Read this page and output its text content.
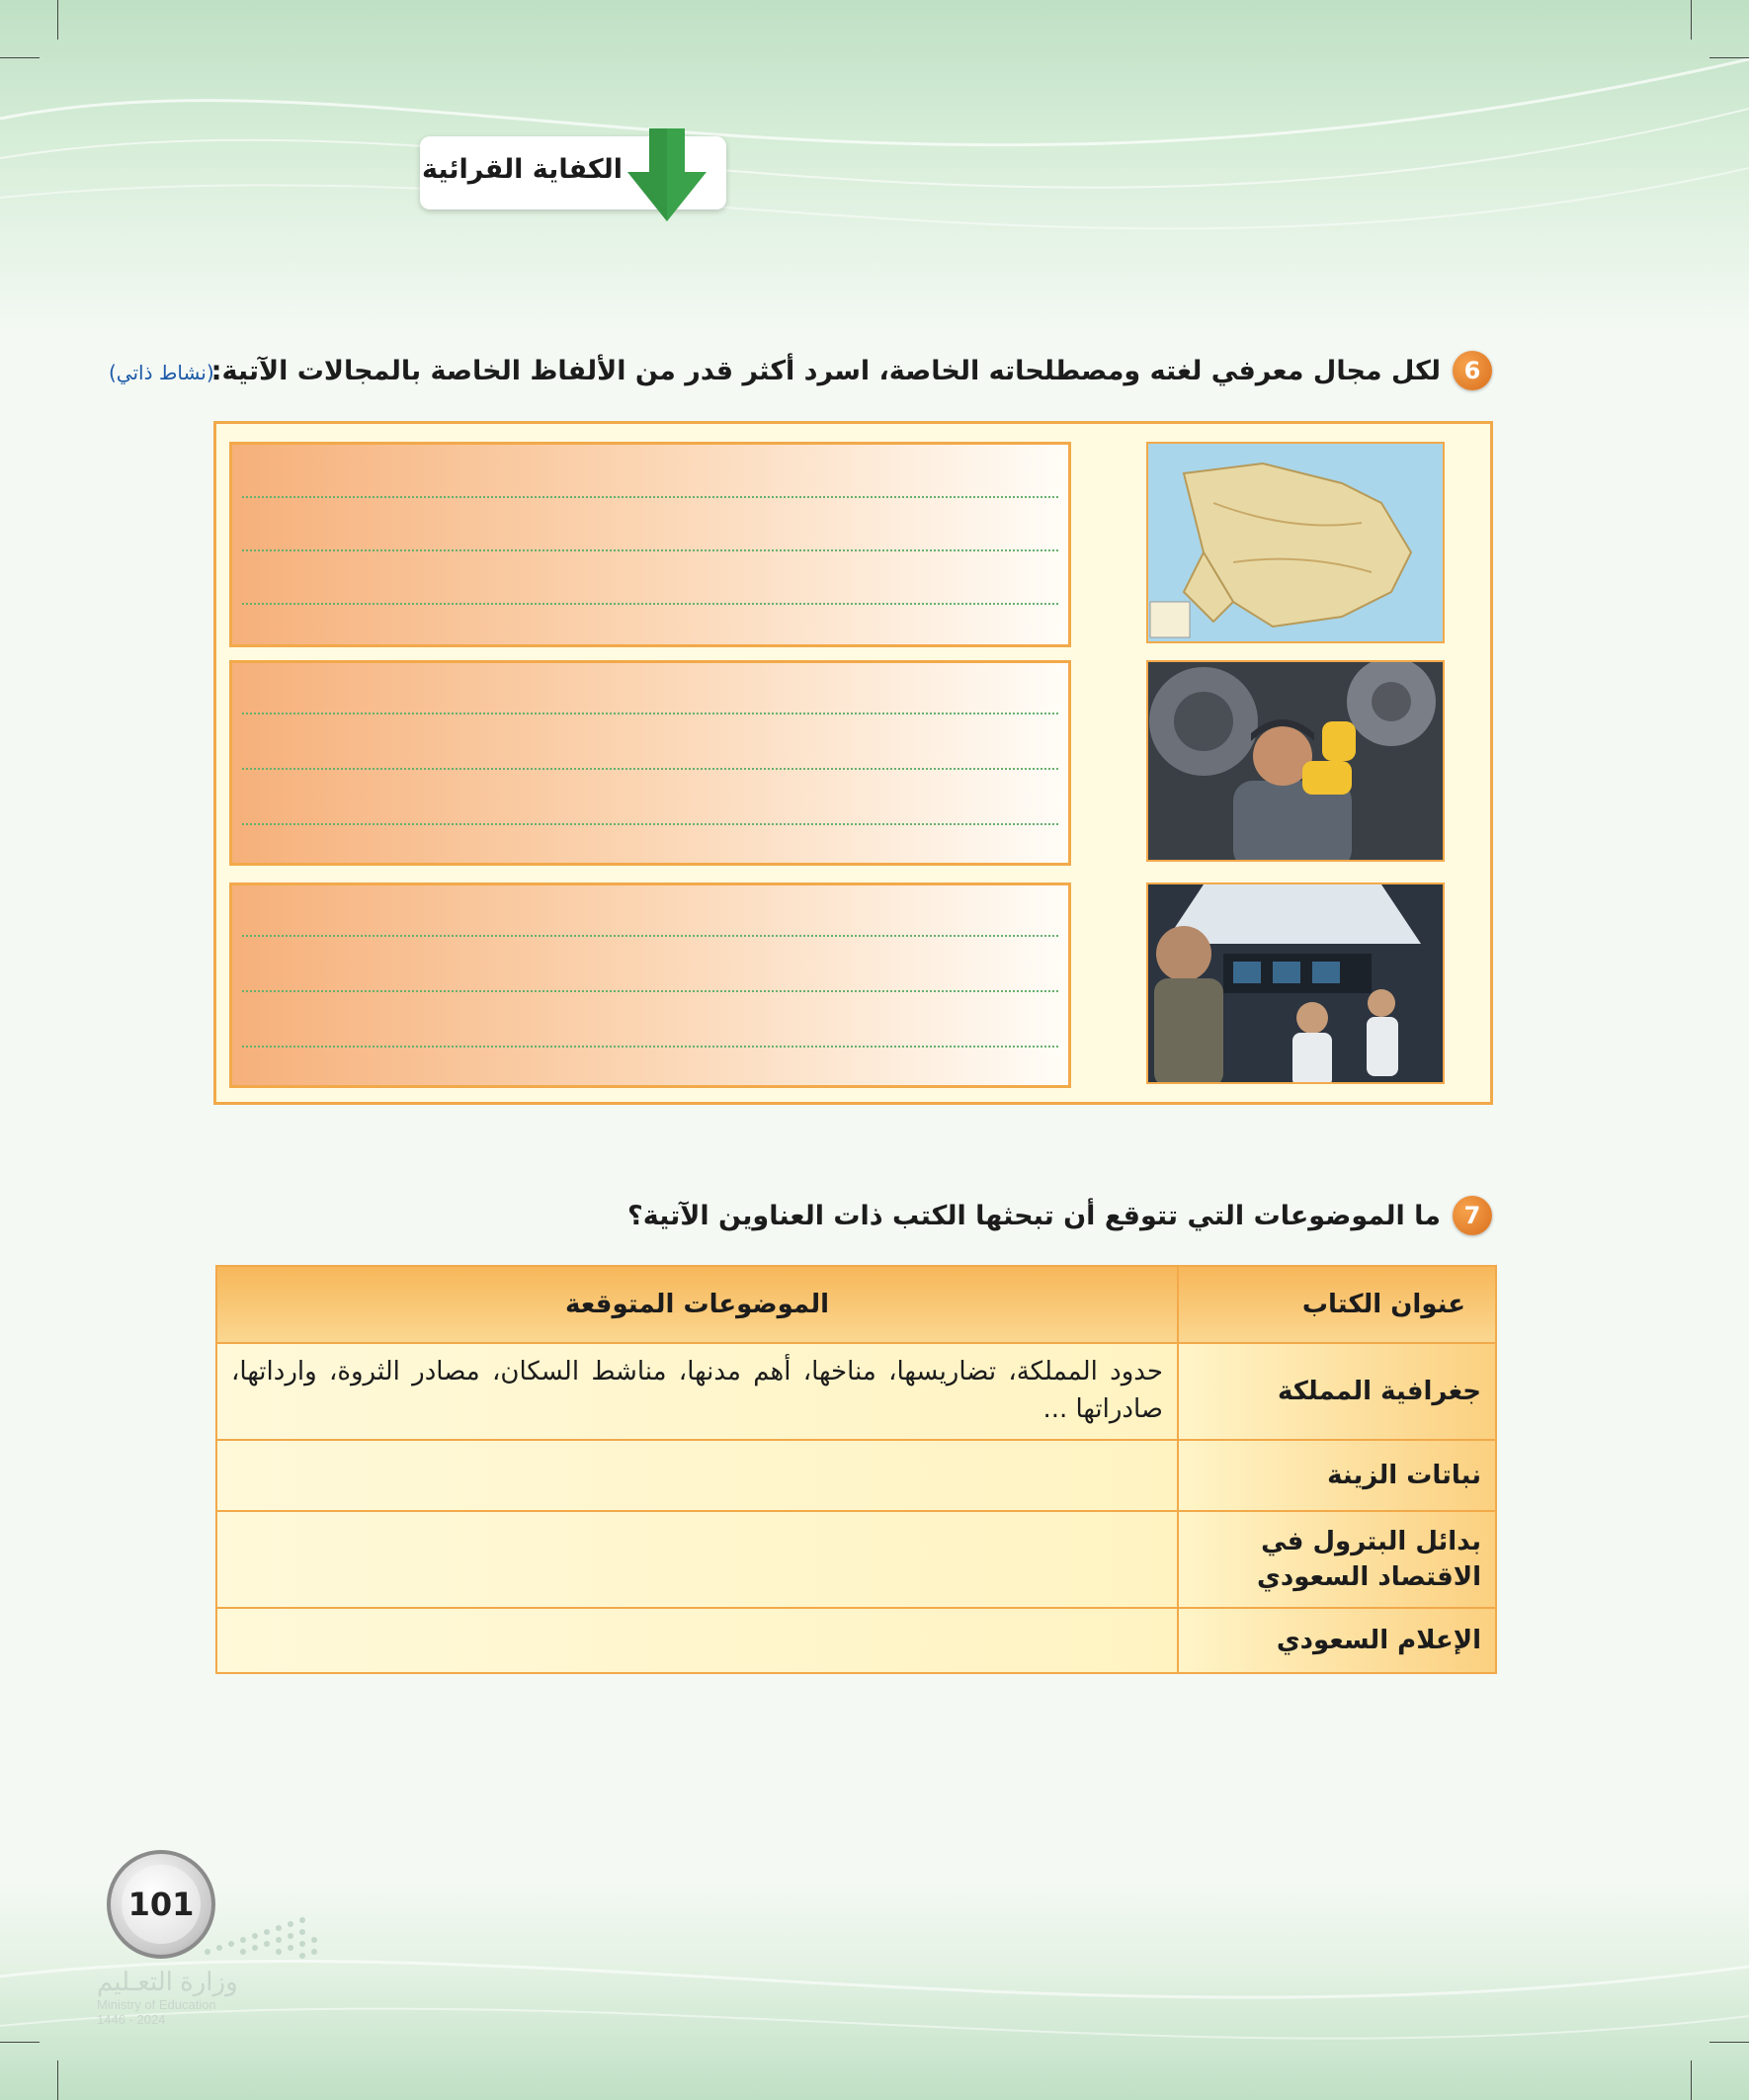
الكفاية القرائية
6
لكل مجال معرفي لغته ومصطلحاته الخاصة، اسرد أكثر قدر من الألفاظ الخاصة بالمجالات الآتية:
(نشاط ذاتي)
7
ما الموضوعات التي تتوقع أن تبحثها الكتب ذات العناوين الآتية؟
عنوان الكتاب	الموضوعات المتوقعة
جغرافية المملكة	حدود المملكة، تضاريسها، مناخها، أهم مدنها، مناشط السكان، مصادر الثروة، وارداتها، صادراتها ...
نباتات الزينة	
بدائل البترول في الاقتصاد السعودي	
الإعلام السعودي	
101
وزارة التعـليم
Ministry of Education
2024 - 1446
